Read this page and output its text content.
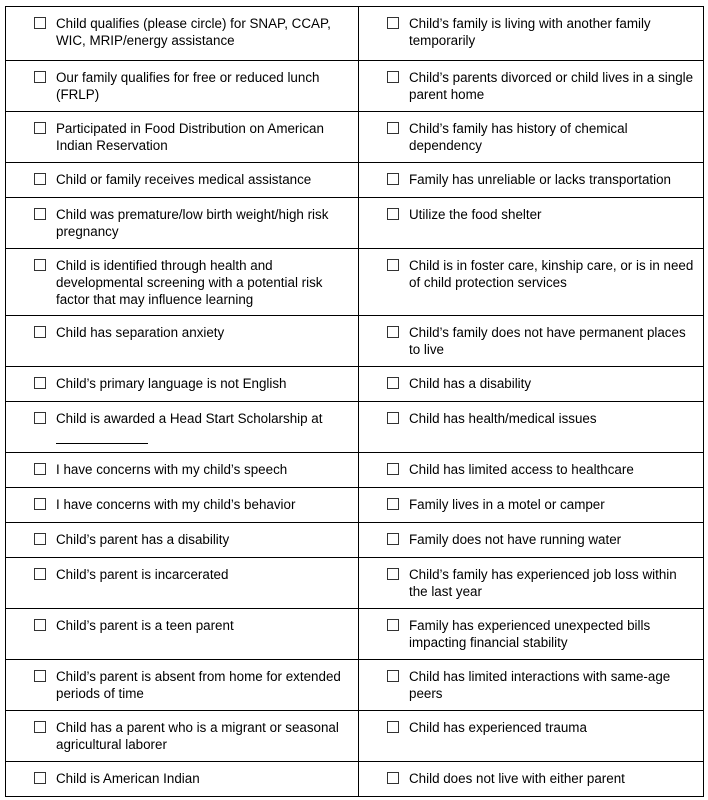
Child qualifies (please circle) for SNAP, CCAP, WIC, MRIP/energy assistance	Child’s family is living with another family temporarily

Our family qualifies for free or reduced lunch (FRLP)	Child’s parents divorced or child lives in a single parent home

Participated in Food Distribution on American Indian Reservation	Child’s family has history of chemical dependency

Child or family receives medical assistance	Family has unreliable or lacks transportation

Child was premature/low birth weight/high risk pregnancy	Utilize the food shelter

Child is identified through health and developmental screening with a potential risk factor that may influence learning	Child is in foster care, kinship care, or is in need of child protection services

Child has separation anxiety	Child’s family does not have permanent places to live

Child’s primary language is not English	Child has a disability

Child is awarded a Head Start Scholarship at	Child has health/medical issues

I have concerns with my child’s speech	Child has limited access to healthcare

I have concerns with my child’s behavior	Family lives in a motel or camper

Child’s parent has a disability	Family does not have running water

Child’s parent is incarcerated	Child’s family has experienced job loss within the last year

Child’s parent is a teen parent	Family has experienced unexpected bills impacting financial stability

Child’s parent is absent from home for extended periods of time	Child has limited interactions with same-age peers

Child has a parent who is a migrant or seasonal agricultural laborer	Child has experienced trauma

Child is American Indian	Child does not live with either parent
